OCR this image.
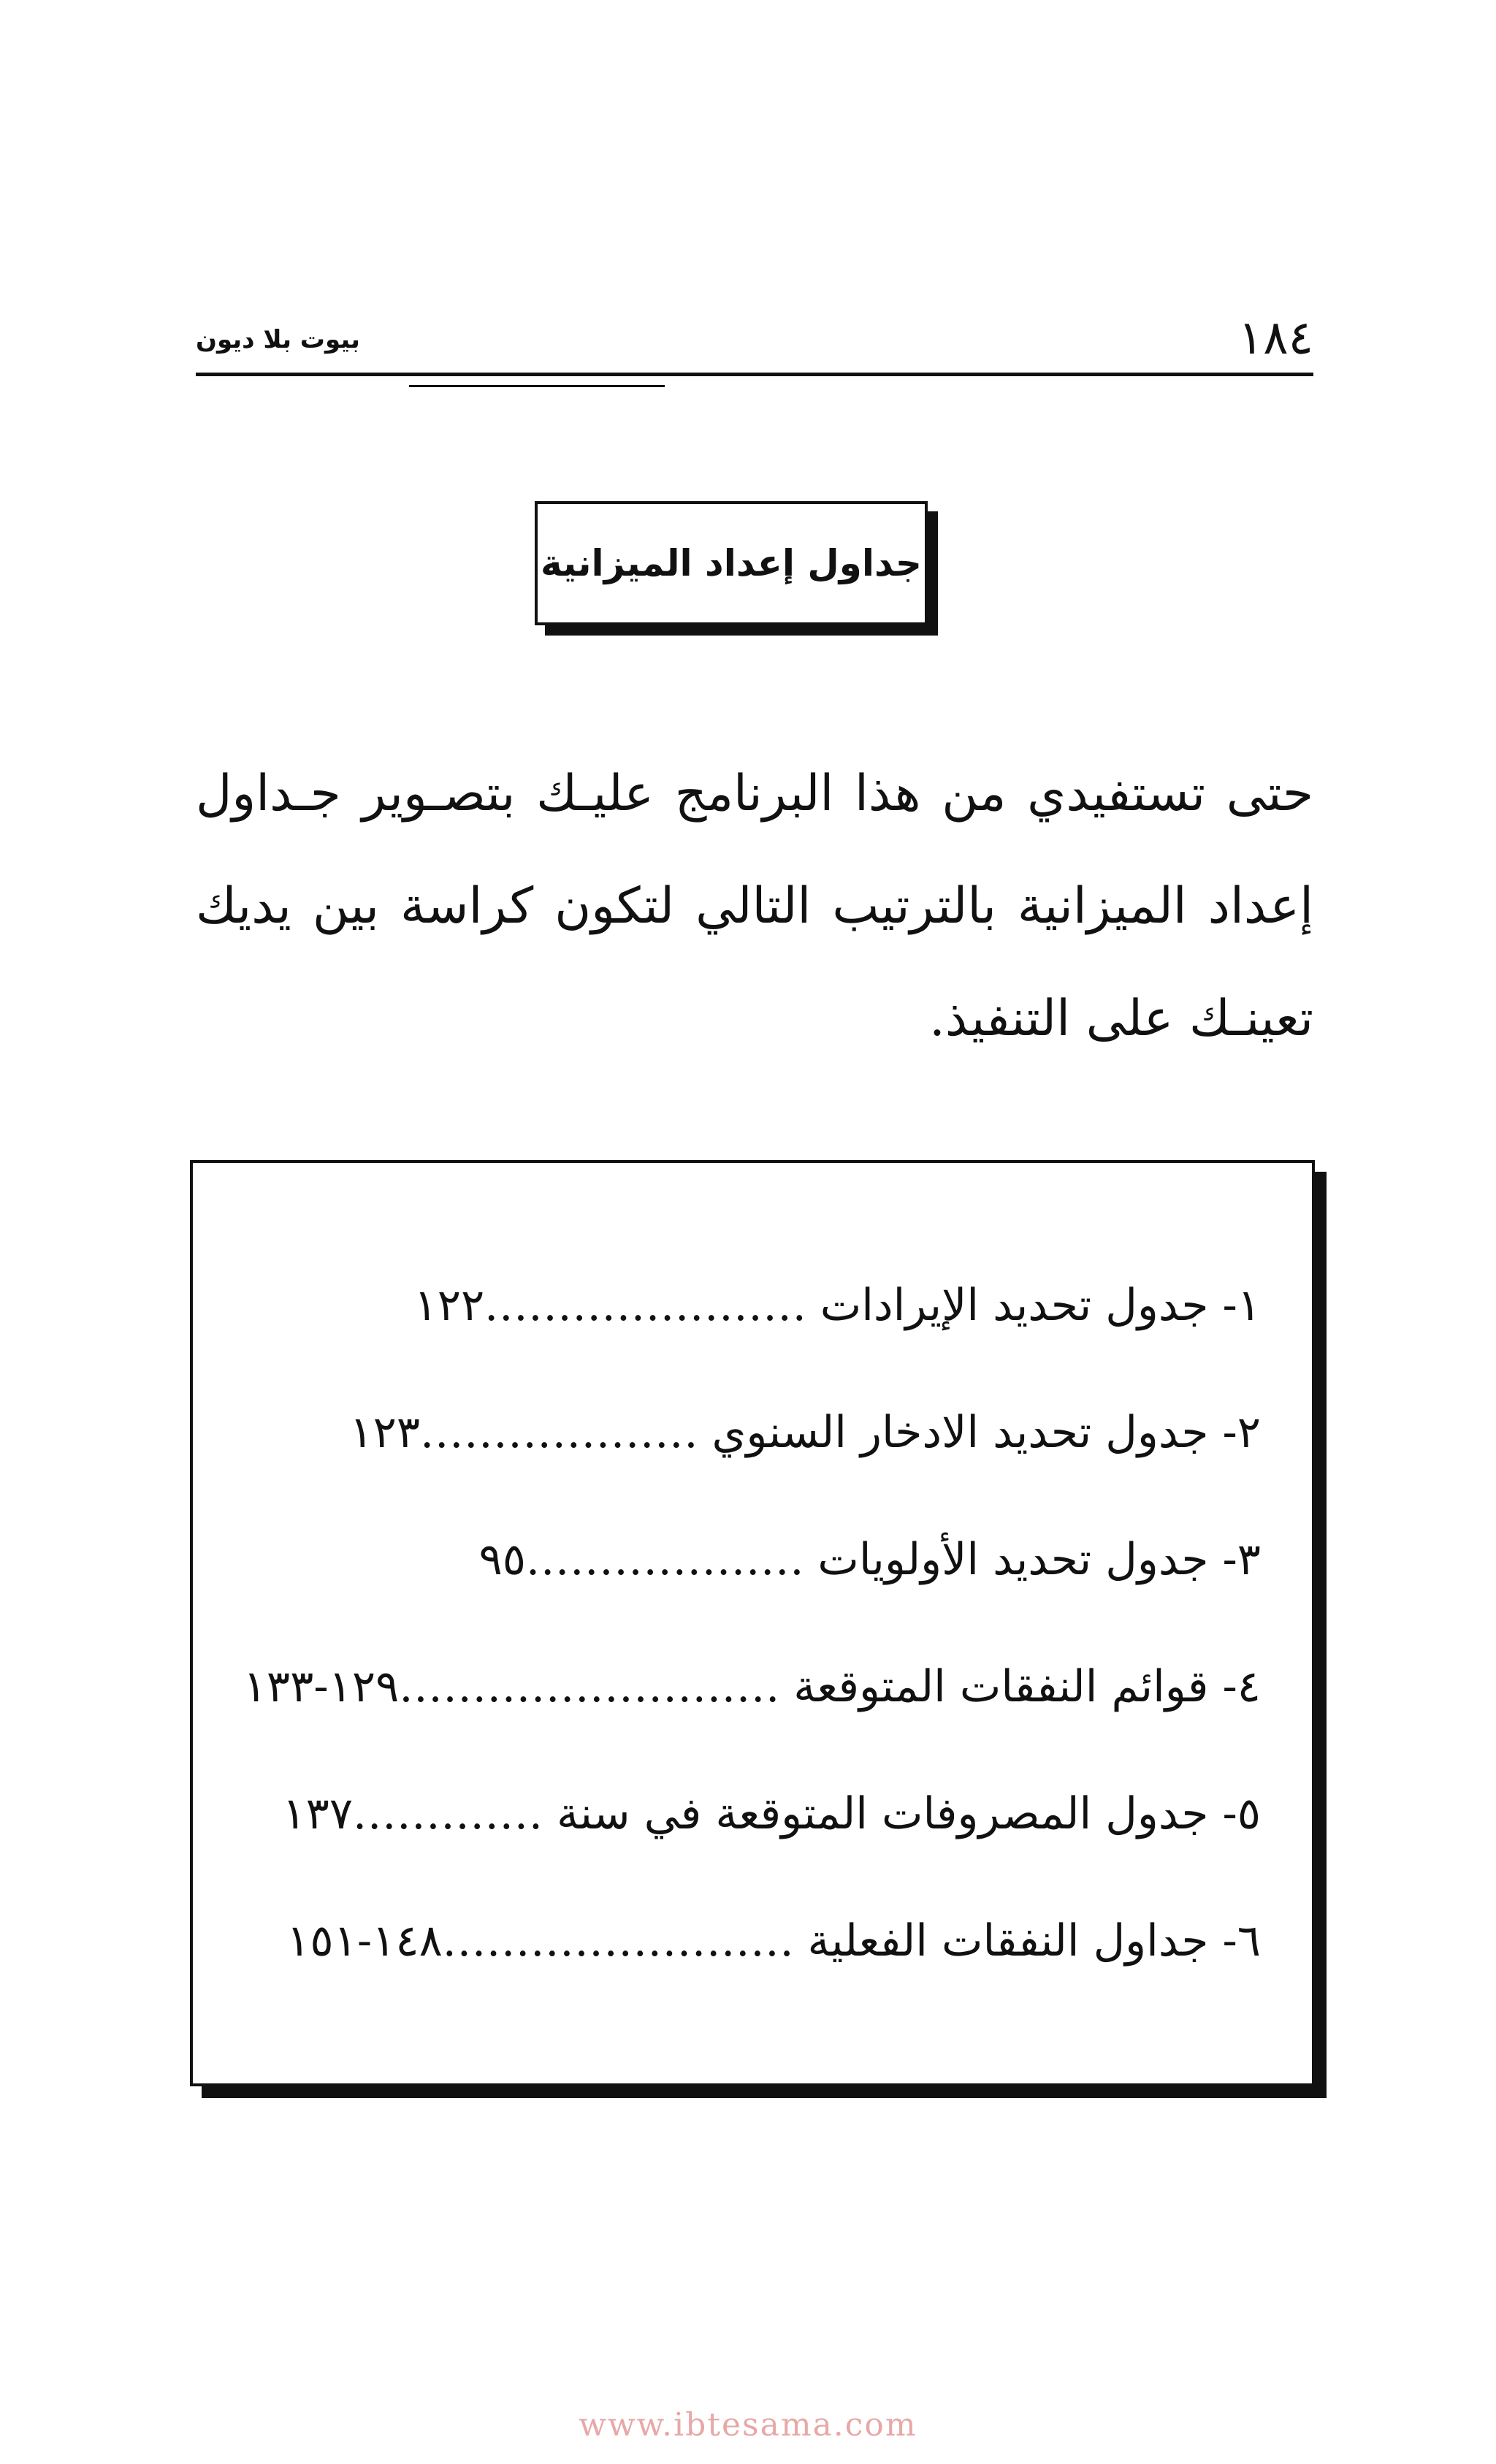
١٨٤
بيوت بلا ديون
جداول إعداد الميزانية

حتى تستفيدي من هذا البرنامج عليـك بتصـوير جـداول إعداد الميزانية بالترتيب التالي لتكون كراسة بين يديك تعينـك على التنفيذ.

١- جدول تحديد الإيرادات
......................
١٢٢
٢- جدول تحديد الادخار السنوي
...................
١٢٣
٣- جدول تحديد الأولويات
...................
٩٥
٤- قوائم النفقات المتوقعة
..........................
١٢٩-١٣٣
٥- جدول المصروفات المتوقعة في سنة
.............
١٣٧
٦- جداول النفقات الفعلية
........................
١٤٨-١٥١
www.ibtesama.com
